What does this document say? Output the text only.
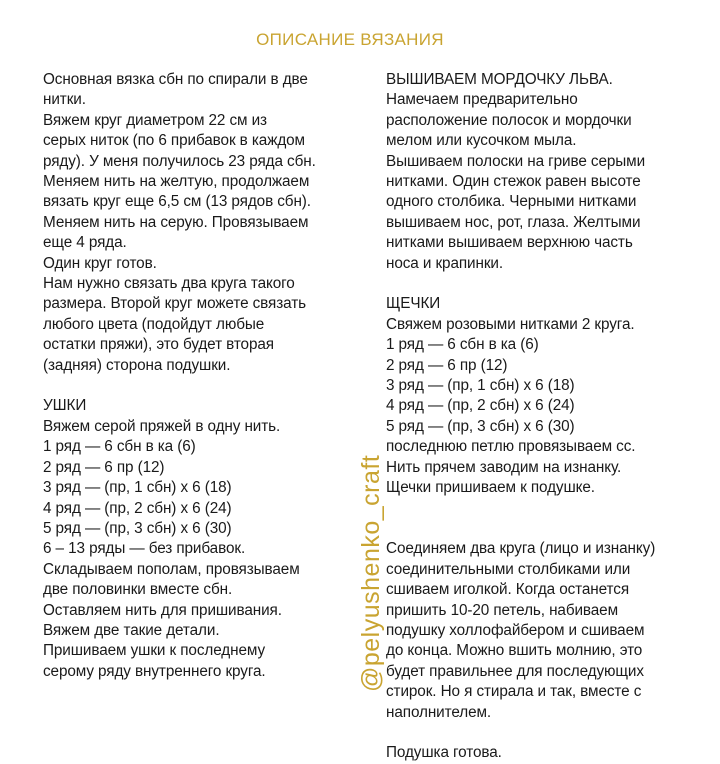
ОПИСАНИЕ ВЯЗАНИЯ
Основная вязка сбн по спирали в две
нитки.
Вяжем круг диаметром 22 см из
серых ниток (по 6 прибавок в каждом
ряду). У меня получилось 23 ряда сбн.
Меняем нить на желтую, продолжаем
вязать круг еще 6,5 см (13 рядов сбн).
Меняем нить на серую. Провязываем
еще 4 ряда.
Один круг готов.
Нам нужно связать два круга такого
размера. Второй круг можете связать
любого цвета (подойдут любые
остатки пряжи), это будет вторая
(задняя) сторона подушки.
УШКИ
Вяжем серой пряжей в одну нить.
1 ряд — 6 сбн в ка (6)
2 ряд — 6 пр (12)
3 ряд — (пр, 1 сбн) х 6 (18)
4 ряд — (пр, 2 сбн) х 6 (24)
5 ряд — (пр, 3 сбн) х 6 (30)
6 – 13 ряды — без прибавок.
Складываем пополам, провязываем
две половинки вместе сбн.
Оставляем нить для пришивания.
Вяжем две такие детали.
Пришиваем ушки к последнему
серому ряду внутреннего круга.	@pelyushenko_craft
ВЫШИВАЕМ МОРДОЧКУ ЛЬВА.
Намечаем предварительно
расположение полосок и мордочки
мелом или кусочком мыла.
Вышиваем полоски на гриве серыми
нитками. Один стежок равен высоте
одного столбика. Черными нитками
вышиваем нос, рот, глаза. Желтыми
нитками вышиваем верхнюю часть
носа и крапинки.
ЩЕЧКИ
Свяжем розовыми нитками 2 круга.
1 ряд — 6 сбн в ка (6)
2 ряд — 6 пр (12)
3 ряд — (пр, 1 сбн) х 6 (18)
4 ряд — (пр, 2 сбн) х 6 (24)
5 ряд — (пр, 3 сбн) х 6 (30)
последнюю петлю провязываем сс.
Нить прячем заводим на изнанку.
Щечки пришиваем к подушке.
Соединяем два круга (лицо и изнанку)
соединительными столбиками или
сшиваем иголкой. Когда останется
пришить 10-20 петель, набиваем
подушку холлофайбером и сшиваем
до конца. Можно вшить молнию, это
будет правильнее для последующих
стирок. Но я стирала и так, вместе с
наполнителем.
Подушка готова.
